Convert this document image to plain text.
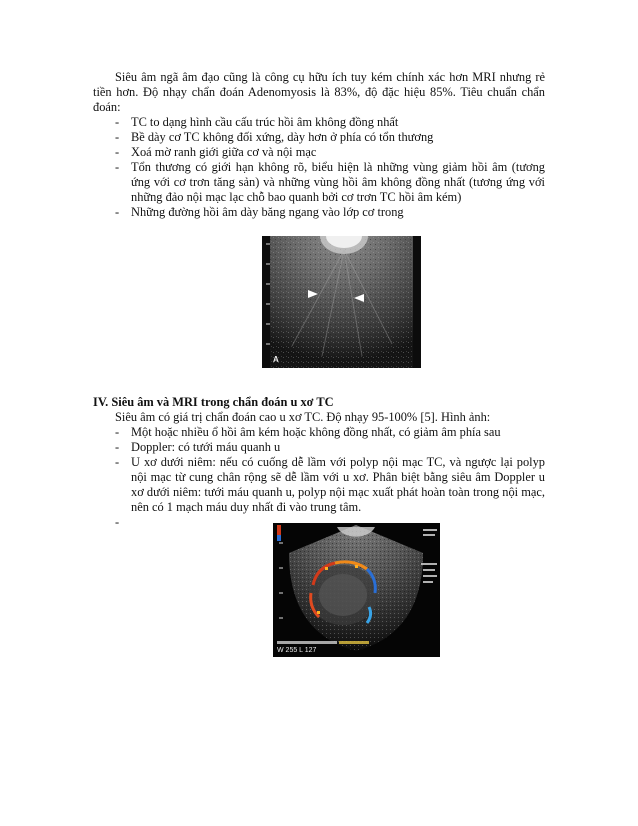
Siêu âm ngã âm đạo cũng là công cụ hữu ích tuy kém chính xác hơn MRI nhưng rẻ tiền hơn. Độ nhạy chẩn đoán Adenomyosis là 83%, độ đặc hiệu 85%. Tiêu chuẩn chẩn đoán:

- TC to dạng hình cầu cấu trúc hồi âm không đồng nhất
- Bề dày cơ TC không đối xứng, dày hơn ở phía có tổn thương
- Xoá mờ ranh giới giữa cơ và nội mạc
- Tổn thương có giới hạn không rõ, biểu hiện là những vùng giảm hồi âm (tương ứng với cơ trơn tăng sản) và những vùng hồi âm không đồng nhất (tương ứng với những đảo nội mạc lạc chỗ bao quanh bởi cơ trơn TC hồi âm kém)
- Những đường hồi âm dày băng ngang vào lớp cơ trong
A

IV. Siêu âm và MRI trong chẩn đoán u xơ TC

Siêu âm có giá trị chẩn đoán cao u xơ TC. Độ nhạy 95-100% [5]. Hình ảnh:

- Một hoặc nhiều ổ hồi âm kém hoặc không đồng nhất, có giảm âm phía sau
- Doppler: có tưới máu quanh u
- U xơ dưới niêm: nếu có cuống dễ lầm với polyp nội mạc TC, và ngược lại polyp nội mạc từ cung chân rộng sẽ dễ lầm với u xơ. Phân biệt bằng siêu âm Doppler u xơ dưới niêm: tưới máu quanh u, polyp nội mạc xuất phát hoàn toàn trong nội mạc, nên có 1 mạch máu duy nhất đi vào trung tâm.
-
W 255 L 127
